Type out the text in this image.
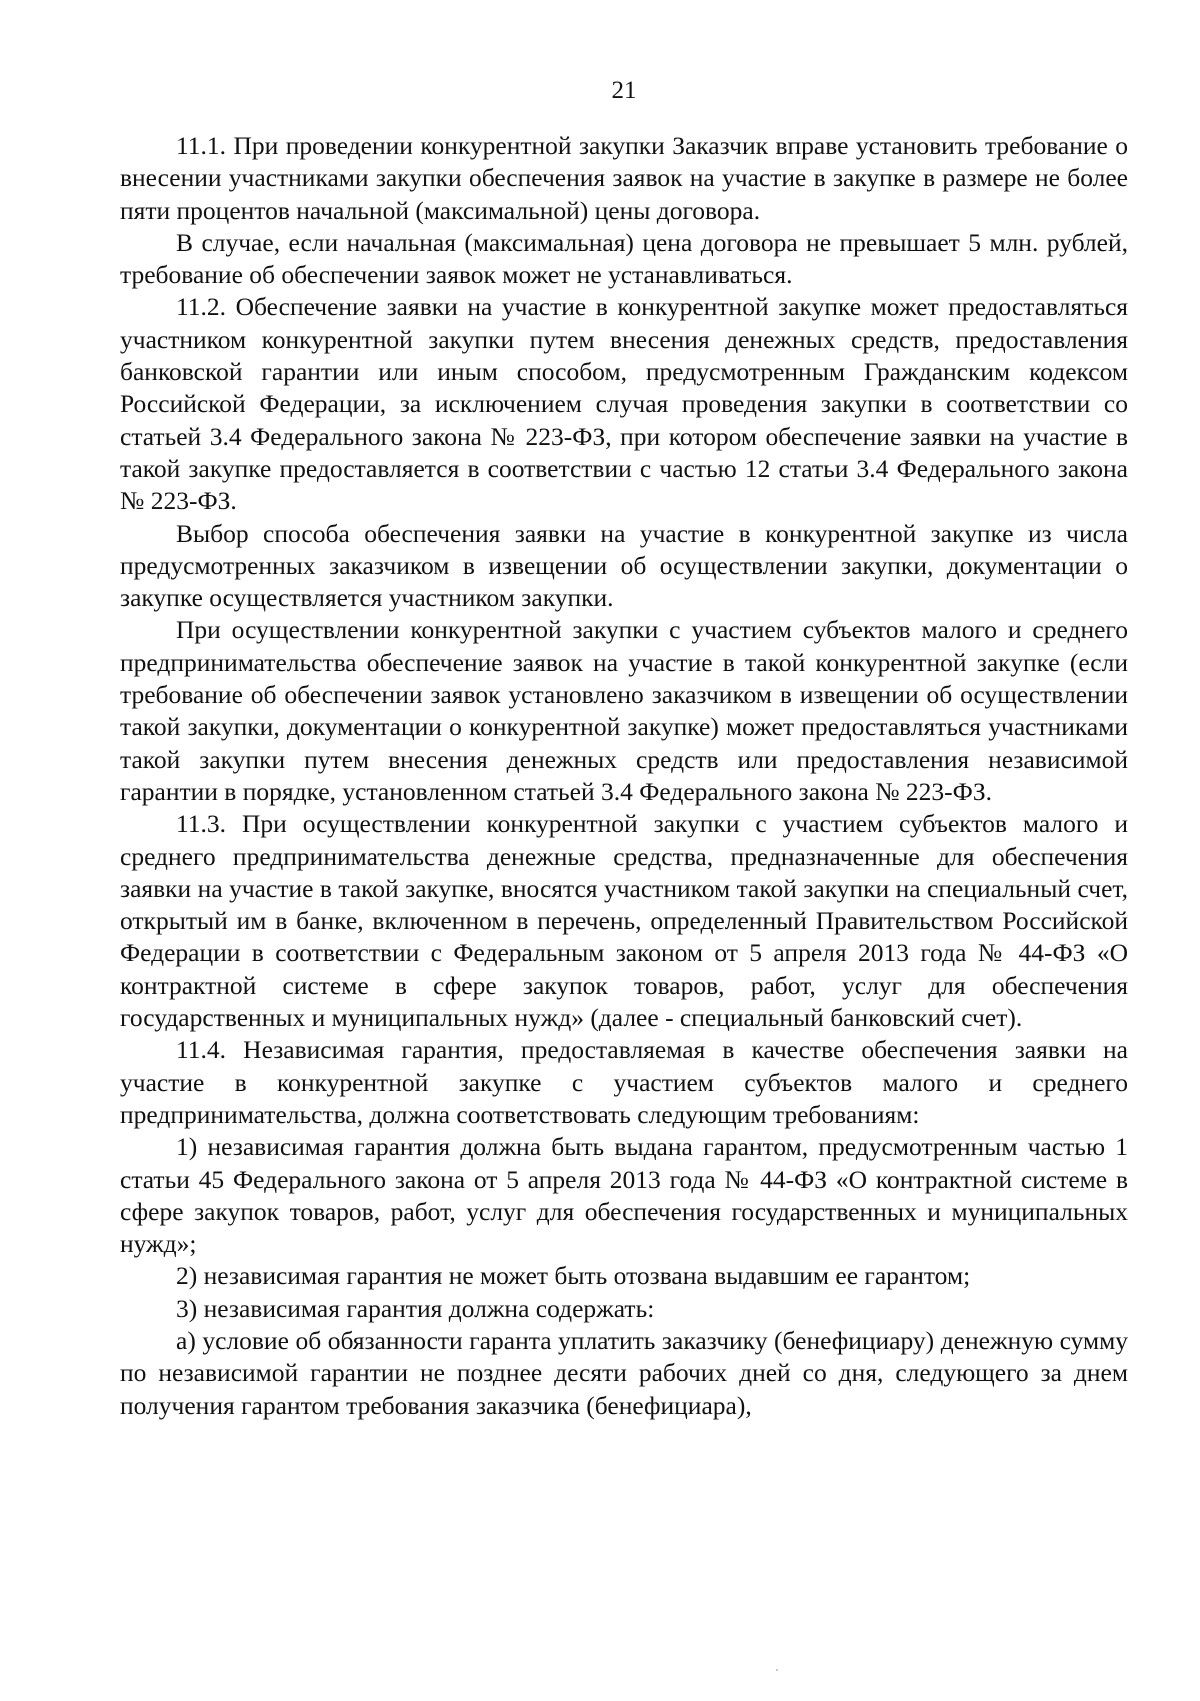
21

11.1. При проведении конкурентной закупки Заказчик вправе установить требование о внесении участниками закупки обеспечения заявок на участие в закупке в размере не более пяти процентов начальной (максимальной) цены договора.

В случае, если начальная (максимальная) цена договора не превышает 5 млн. рублей, требование об обеспечении заявок может не устанавливаться.

11.2. Обеспечение заявки на участие в конкурентной закупке может предоставляться участником конкурентной закупки путем внесения денежных средств, предоставления банковской гарантии или иным способом, предусмотренным Гражданским кодексом Российской Федерации, за исключением случая проведения закупки в соответствии со статьей 3.4 Федерального закона № 223-ФЗ, при котором обеспечение заявки на участие в такой закупке предоставляется в соответствии с частью 12 статьи 3.4 Федерального закона № 223-ФЗ.

Выбор способа обеспечения заявки на участие в конкурентной закупке из числа предусмотренных заказчиком в извещении об осуществлении закупки, документации о закупке осуществляется участником закупки.

При осуществлении конкурентной закупки с участием субъектов малого и среднего предпринимательства обеспечение заявок на участие в такой конкурентной закупке (если требование об обеспечении заявок установлено заказчиком в извещении об осуществлении такой закупки, документации о конкурентной закупке) может предоставляться участниками такой закупки путем внесения денежных средств или предоставления независимой гарантии в порядке, установленном статьей 3.4 Федерального закона № 223-ФЗ.

11.3. При осуществлении конкурентной закупки с участием субъектов малого и среднего предпринимательства денежные средства, предназначенные для обеспечения заявки на участие в такой закупке, вносятся участником такой закупки на специальный счет, открытый им в банке, включенном в перечень, определенный Правительством Российской Федерации в соответствии с Федеральным законом от 5 апреля 2013 года № 44-ФЗ «О контрактной системе в сфере закупок товаров, работ, услуг для обеспечения государственных и муниципальных нужд» (далее - специальный банковский счет).

11.4. Независимая гарантия, предоставляемая в качестве обеспечения заявки на участие в конкурентной закупке с участием субъектов малого и среднего предпринимательства, должна соответствовать следующим требованиям:

1) независимая гарантия должна быть выдана гарантом, предусмотренным частью 1 статьи 45 Федерального закона от 5 апреля 2013 года № 44-ФЗ «О контрактной системе в сфере закупок товаров, работ, услуг для обеспечения государственных и муниципальных нужд»;

2) независимая гарантия не может быть отозвана выдавшим ее гарантом;

3) независимая гарантия должна содержать:

а) условие об обязанности гаранта уплатить заказчику (бенефициару) денежную сумму по независимой гарантии не позднее десяти рабочих дней со дня, следующего за днем получения гарантом требования заказчика (бенефициара),
